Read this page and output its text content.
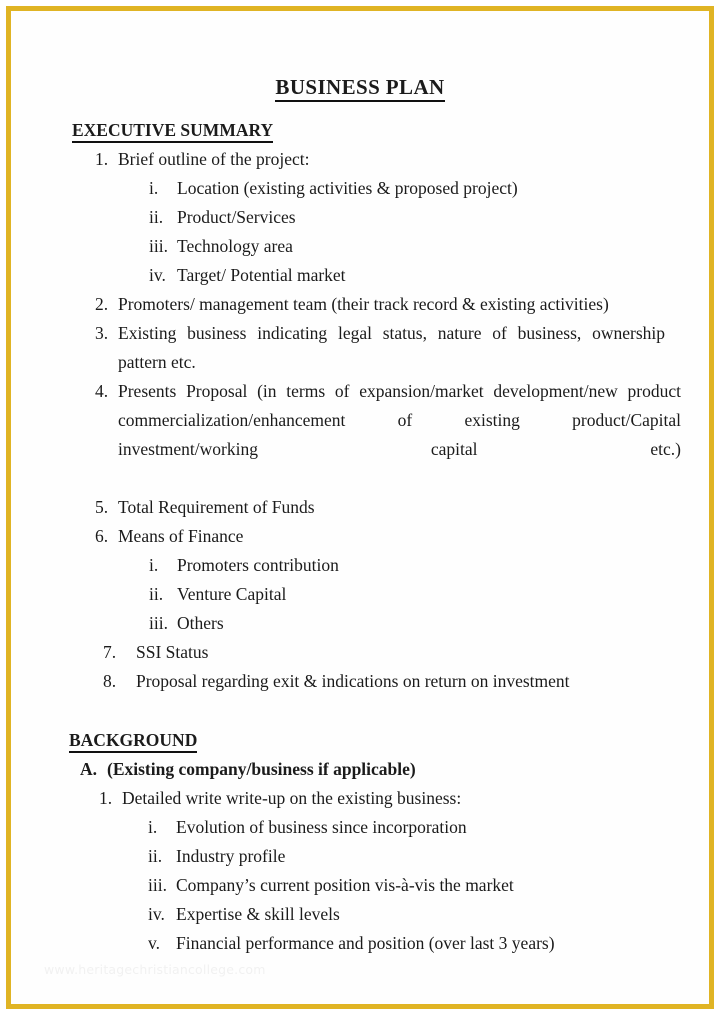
BUSINESS PLAN
EXECUTIVE SUMMARY
1. Brief outline of the project:
i.	Location (existing activities & proposed project)
ii. Product/Services
iii. Technology area
iv. Target/ Potential market
2. Promoters/ management team (their track record & existing activities)
3. Existing business indicating legal status, nature of business, ownership pattern etc.
4. Presents Proposal (in terms of expansion/market development/new product commercialization/enhancement of existing product/Capital investment/working capital etc.)
5. Total Requirement of Funds
6. Means of Finance
i.	Promoters contribution
ii. Venture Capital
iii. Others
7.	SSI Status
8.	Proposal regarding exit & indications on return on investment
BACKGROUND
A. (Existing company/business if applicable)
1. Detailed write write-up on the existing business:
i.	Evolution of business since incorporation
ii. Industry profile
iii. Company’s current position vis-à-vis the market
iv. Expertise & skill levels
v. Financial performance and position (over last 3 years)
www.heritagechristiancollege.com
